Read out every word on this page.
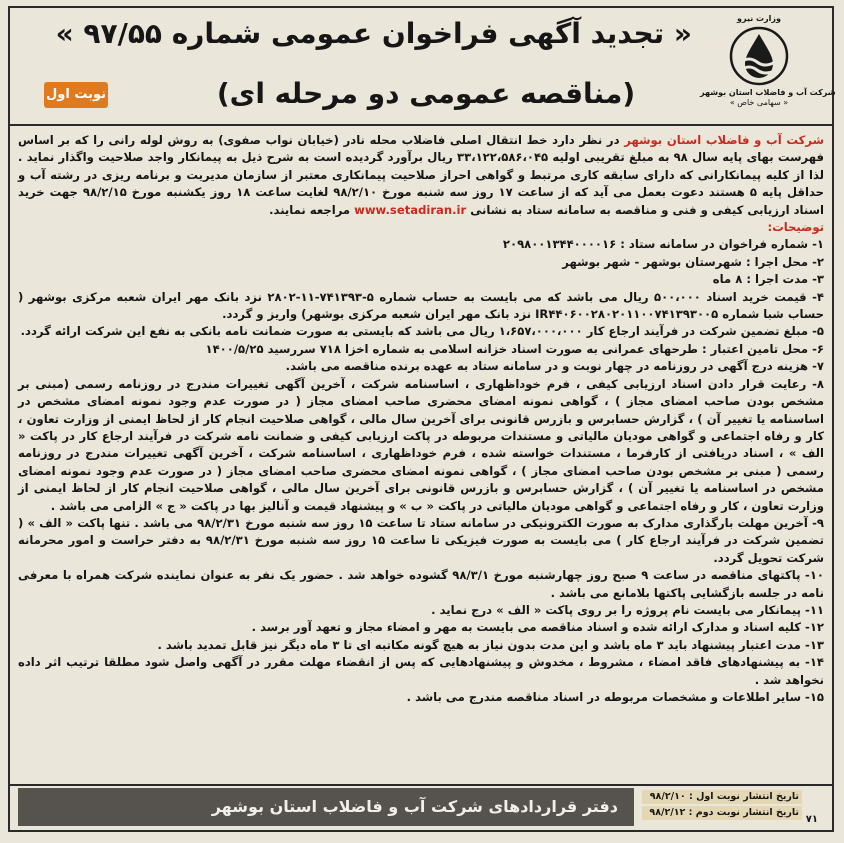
وزارت نیرو
شرکت آب و فاضلاب استان بوشهر
« سهامی خاص »
« تجدید آگهی فراخوان عمومی شماره ۹۷/۵۵ »
(مناقصه عمومی دو مرحله ای)
نوبت اول
شرکت آب و فاضلاب استان بوشهر در نظر دارد خط انتقال اصلی فاضلاب محله نادر (خیابان نواب صفوی) به روش لوله رانی را که بر اساس فهرست بهای پایه سال ۹۸ به مبلغ تقریبی اولیه ۳۳،۱۲۲،۵۸۶،۰۴۵ ریال برآورد گردیده است به شرح ذیل به پیمانکار واجد صلاحیت واگذار نماید . لذا از کلیه پیمانکارانی که دارای سابقه کاری مرتبط و گواهی احراز صلاحیت پیمانکاری معتبر از سازمان مدیریت و برنامه ریزی در رشته آب و حداقل پایه ۵ هستند دعوت بعمل می آید که از ساعت ۱۷ روز سه شنبه مورخ ۹۸/۲/۱۰ لغایت ساعت ۱۸ روز یکشنبه مورخ ۹۸/۲/۱۵ جهت خرید اسناد ارزیابی کیفی و فنی و مناقصه به سامانه ستاد به نشانی www.setadiran.ir مراجعه نمایند.
توضیحات:
۱- شماره فراخوان در سامانه ستاد : ۲۰۹۸۰۰۱۳۴۴۰۰۰۰۱۶
۲- محل اجرا : شهرستان بوشهر - شهر بوشهر
۳- مدت اجرا : ۸ ماه
۴- قیمت خرید اسناد ۵۰۰،۰۰۰ ریال می باشد که می بایست به حساب شماره ۵-۷۴۱۳۹۳-۱۱-۲۸۰۲ نزد بانک مهر ایران شعبه مرکزی بوشهر ( حساب شبا شماره IR۴۴۰۶۰۰۲۸۰۲۰۱۱۰۰۷۴۱۳۹۳۰۰۵ نزد بانک مهر ایران شعبه مرکزی بوشهر) واریز و گردد.
۵- مبلغ تضمین شرکت در فرآیند ارجاع کار ۱،۶۵۷،۰۰۰،۰۰۰ ریال می باشد که بایستی به صورت ضمانت نامه بانکی به نفع این شرکت ارائه گردد.
۶- محل تامین اعتبار : طرحهای عمرانی به صورت اسناد خزانه اسلامی به شماره اخزا ۷۱۸ سررسید ۱۴۰۰/۵/۲۵
۷- هزینه درج آگهی در روزنامه در چهار نوبت و در سامانه ستاد به عهده برنده مناقصه می باشد.
۸- رعایت قرار دادن اسناد ارزیابی کیفی ، فرم خوداظهاری ، اساسنامه شرکت ، آخرین آگهی تغییرات مندرج در روزنامه رسمی (مبنی بر مشخص بودن صاحب امضای مجاز ) ، گواهی نمونه امضای محضری صاحب امضای مجاز ( در صورت عدم وجود نمونه امضای مشخص در اساسنامه یا تغییر آن ) ، گزارش حسابرس و بازرس قانونی برای آخرین سال مالی ، گواهی صلاحیت انجام کار از لحاظ ایمنی از وزارت تعاون ، کار و رفاه اجتماعی و گواهی مودیان مالیاتی و مستندات مربوطه در پاکت ارزیابی کیفی و ضمانت نامه شرکت در فرآیند ارجاع کار در پاکت « الف » ، اسناد دریافتی از کارفرما ، مستندات خواسته شده ، فرم خوداظهاری ، اساسنامه شرکت ، آخرین آگهی تغییرات مندرج در روزنامه رسمی ( مبنی بر مشخص بودن صاحب امضای مجاز ) ، گواهی نمونه امضای محضری صاحب امضای مجاز ( در صورت عدم وجود نمونه امضای مشخص در اساسنامه یا تغییر آن ) ، گزارش حسابرس و بازرس قانونی برای آخرین سال مالی ، گواهی صلاحیت انجام کار از لحاظ ایمنی از وزارت تعاون ، کار و رفاه اجتماعی و گواهی مودیان مالیاتی در پاکت « ب » و پیشنهاد قیمت و آنالیز بها در پاکت « ج » الزامی می باشد .
۹- آخرین مهلت بارگذاری مدارک به صورت الکترونیکی در سامانه ستاد تا ساعت ۱۵ روز سه شنبه مورخ ۹۸/۲/۳۱ می باشد . تنها پاکت « الف » ( تضمین شرکت در فرآیند ارجاع کار ) می بایست به صورت فیزیکی تا ساعت ۱۵ روز سه شنبه مورخ ۹۸/۲/۳۱ به دفتر حراست و امور محرمانه شرکت تحویل گردد.
۱۰- پاکتهای مناقصه در ساعت ۹ صبح روز چهارشنبه مورخ ۹۸/۳/۱ گشوده خواهد شد . حضور یک نفر به عنوان نماینده شرکت همراه با معرفی نامه در جلسه بازگشایی پاکتها بلامانع می باشد .
۱۱- پیمانکار می بایست نام پروژه را بر روی پاکت « الف » درج نماید .
۱۲- کلیه اسناد و مدارک ارائه شده و اسناد مناقصه می بایست به مهر و امضاء مجاز و تعهد آور برسد .
۱۳- مدت اعتبار پیشنهاد باید ۳ ماه باشد و این مدت بدون نیاز به هیچ گونه مکاتبه ای تا ۳ ماه دیگر نیز قابل تمدید باشد .
۱۴- به پیشنهادهای فاقد امضاء ، مشروط ، مخدوش و پیشنهادهایی که پس از انقضاء مهلت مقرر در آگهی واصل شود مطلقا ترتیب اثر داده نخواهد شد .
۱۵- سایر اطلاعات و مشخصات مربوطه در اسناد مناقصه مندرج می باشد .
دفتر قراردادهای شرکت آب و فاضلاب استان بوشهر
تاریخ انتشار نوبت اول : ۹۸/۲/۱۰
تاریخ انتشار نوبت دوم : ۹۸/۲/۱۲
۷۱
